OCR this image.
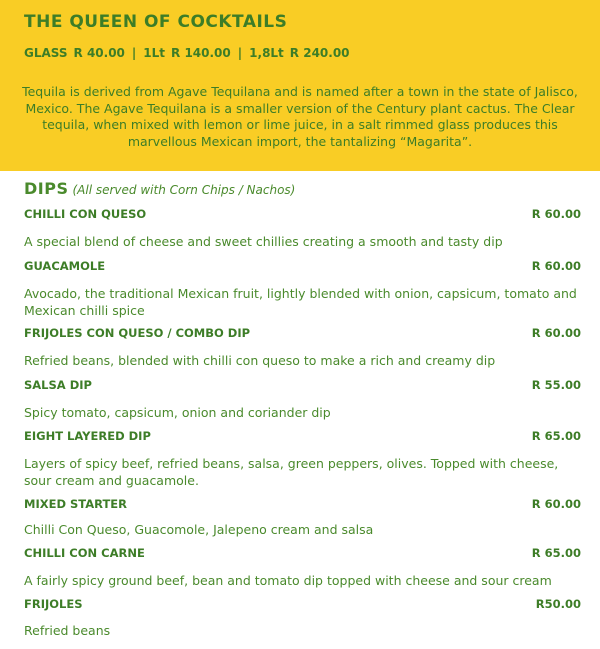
THE QUEEN OF COCKTAILS
GLASS R 40.00 | 1Lt R 140.00 | 1,8Lt R 240.00

Tequila is derived from Agave Tequilana and is named after a town in the state of Jalisco, Mexico. The Agave Tequilana is a smaller version of the Century plant cactus. The Clear tequila, when mixed with lemon or lime juice, in a salt rimmed glass produces this marvellous Mexican import, the tantalizing “Magarita”.

DIPS (All served with Corn Chips / Nachos)
CHILLI CON QUESO	R 60.00

A special blend of cheese and sweet chillies creating a smooth and tasty dip

GUACAMOLE	R 60.00

Avocado, the traditional Mexican fruit, lightly blended with onion, capsicum, tomato and Mexican chilli spice

FRIJOLES CON QUESO / COMBO DIP	R 60.00

Refried beans, blended with chilli con queso to make a rich and creamy dip

SALSA DIP	R 55.00

Spicy tomato, capsicum, onion and coriander dip

EIGHT LAYERED DIP	R 65.00

Layers of spicy beef, refried beans, salsa, green peppers, olives. Topped with cheese, sour cream and guacamole.

MIXED STARTER	R 60.00

Chilli Con Queso, Guacomole, Jalepeno cream and salsa

CHILLI CON CARNE	R 65.00

A fairly spicy ground beef, bean and tomato dip topped with cheese and sour cream

FRIJOLES	R50.00

Refried beans
